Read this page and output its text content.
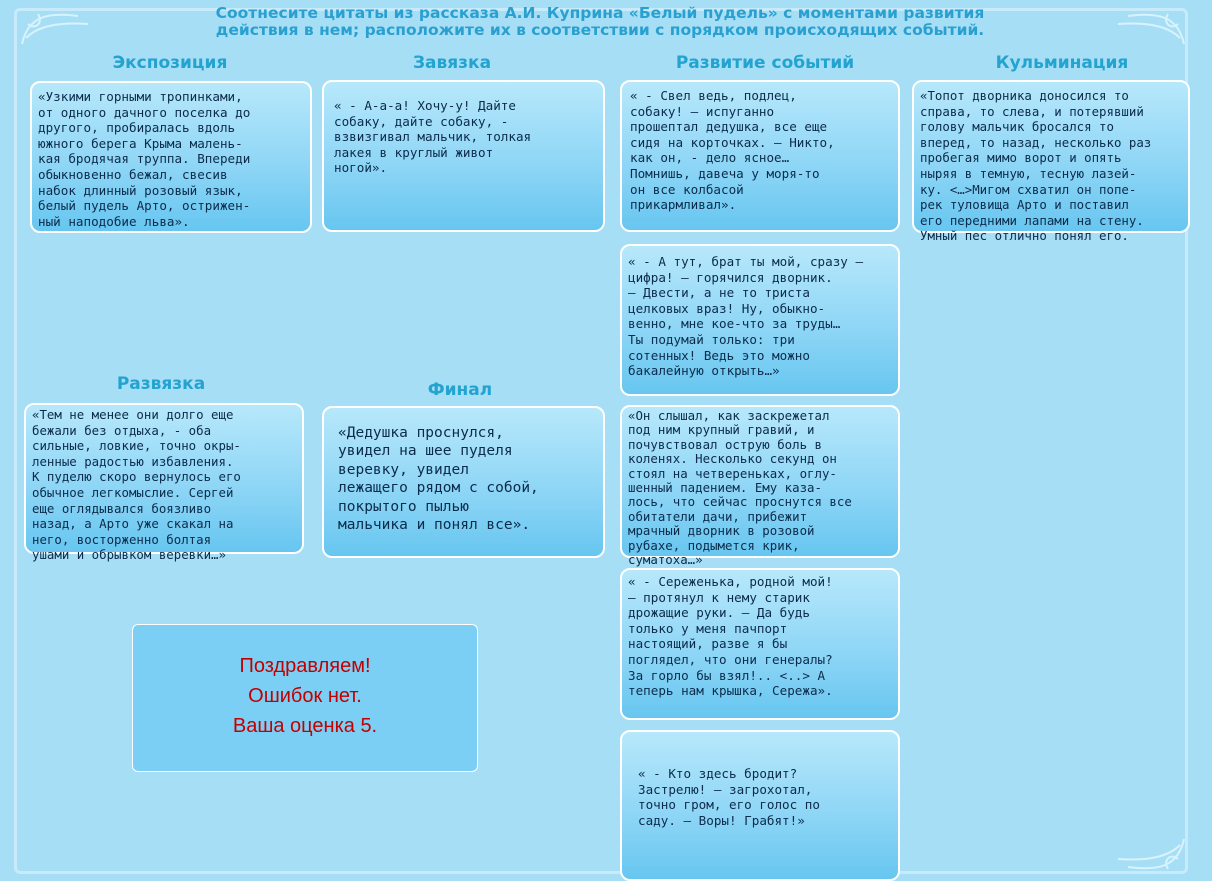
Соотнесите цитаты из рассказа А.И. Куприна «Белый пудель» с моментами развития
действия в нем; расположите их в соответствии с порядком происходящих событий.
Экспозиция	Завязка	Развитие событий	Кульминация
Развязка	Финал
«Узкими горными тропинками,
от одного дачного поселка до
другого, пробиралась вдоль
южного берега Крыма малень-
кая бродячая труппа. Впереди
обыкновенно бежал, свесив
набок длинный розовый язык,
белый пудель Арто, острижен-
ный наподобие льва».
« - А-а-а! Хочу-у! Дайте
собаку, дайте собаку, -
взвизгивал мальчик, толкая
лакея в круглый живот
ногой».
« - Свел ведь, подлец,
собаку! – испуганно
прошептал дедушка, все еще
сидя на корточках. – Никто,
как он, - дело ясное…
Помнишь, давеча у моря-то
он все колбасой
прикармливал».
«Топот дворника доносился то
справа, то слева, и потерявший
голову мальчик бросался то
вперед, то назад, несколько раз
пробегая мимо ворот и опять
ныряя в темную, тесную лазей-
ку. <…>Мигом схватил он попе-
рек туловища Арто и поставил
его передними лапами на стену.
Умный пес отлично понял его.
« - А тут, брат ты мой, сразу –
цифра! – горячился дворник.
– Двести, а не то триста
целковых враз! Ну, обыкно-
венно, мне кое-что за труды…
Ты подумай только: три
сотенных! Ведь это можно
бакалейную открыть…»
«Тем не менее они долго еще
бежали без отдыха, - оба
сильные, ловкие, точно окры-
ленные радостью избавления.
К пуделю скоро вернулось его
обычное легкомыслие. Сергей
еще оглядывался боязливо
назад, а Арто уже скакал на
него, восторженно болтая
ушами и обрывком веревки…»
«Дедушка проснулся,
увидел на шее пуделя
веревку, увидел
лежащего рядом с собой,
покрытого пылью
мальчика и понял все».
«Он слышал, как заскрежетал
под ним крупный гравий, и
почувствовал острую боль в
коленях. Несколько секунд он
стоял на четвереньках, оглу-
шенный падением. Ему каза-
лось, что сейчас проснутся все
обитатели дачи, прибежит
мрачный дворник в розовой
рубахе, подымется крик,
суматоха…»
« - Сереженька, родной мой!
– протянул к нему старик
дрожащие руки. – Да будь
только у меня пачпорт
настоящий, разве я бы
поглядел, что они генералы?
За горло бы взял!.. <..> А
теперь нам крышка, Сережа».
« - Кто здесь бродит?
Застрелю! – загрохотал,
точно гром, его голос по
саду. – Воры! Грабят!»
Поздравляем!
Ошибок нет.
Ваша оценка 5.
